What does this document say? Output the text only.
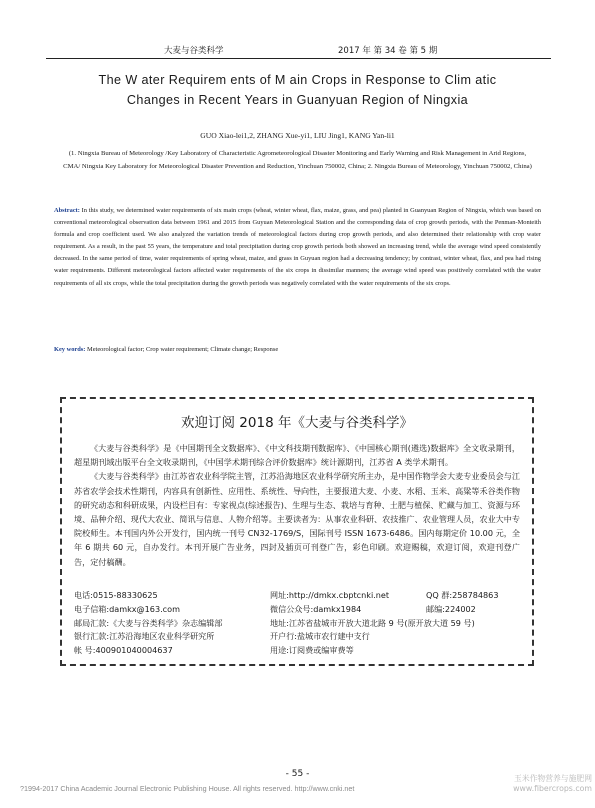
大麦与谷类科学	2017 年 第 34 卷 第 5 期
The W ater Requirem ents of M ain Crops in Response to Clim atic
Changes in Recent Years in Guanyuan Region of Ningxia
GUO Xiao-lei1,2, ZHANG Xue-yi1, LIU Jing1, KANG Yan-li1
(1. Ningxia Bureau of Meteorology /Key Laboratory of Characteristic Agrometeorological Disaster Monitoring and Early Warning and Risk Management in Arid Regions, CMA/ Ningxia Key Laboratory for Meteorological Disaster Prevention and Reduction, Yinchuan 750002, China; 2. Ningxia Bureau of Meteorology, Yinchuan 750002, China)
Abstract: In this study, we determined water requirements of six main crops (wheat, winter wheat, flax, maize, grass, and pea) planted in Guanyuan Region of Ningxia, which was based on conventional meteorological observation data between 1961 and 2015 from Guyuan Meteorological Station and the corresponding data of crop growth periods, with the Penman-Monteith formula and crop coefficient used. We also analyzed the variation trends of meteorological factors during crop growth periods, and also determined their relationship with crop water requirement. As a result, in the past 55 years, the temperature and total precipitation during crop growth periods both showed an increasing trend, while the average wind speed consistently decreased. In the same period of time, water requirements of spring wheat, maize, and grass in Guyuan region had a decreasing tendency; by contrast, winter wheat, flax, and pea had rising water requirements. Different meteorological factors affected water requirements of the six crops in dissimilar manners; the average wind speed was positively correlated with the water requirements of all six crops, while the total precipitation during the growth periods was negatively correlated with the water requirements of the six crops.
Key words: Meteorological factor; Crop water requirement; Climate change; Response
欢迎订阅 2018 年《大麦与谷类科学》

《大麦与谷类科学》是《中国期刊全文数据库》、《中文科技期刊数据库》、《中国核心期刊(遴选)数据库》全文收录期刊，超星期刊域出版平台全文收录期刊，《中国学术期刊综合评价数据库》统计源期刊，江苏省 A 类学术期刊。

《大麦与谷类科学》由江苏省农业科学院主管，江苏沿海地区农业科学研究所主办，是中国作物学会大麦专业委员会与江苏省农学会技术性期刊，内容具有创新性、应用性、系统性、导向性，主要报道大麦、小麦、水稻、玉米、高粱等禾谷类作物的研究动态和科研成果，内设栏目有：专家视点(综述报告)、生理与生态、栽培与育种、土肥与植保、贮藏与加工、资源与环境、品种介绍、现代大农业、简讯与信息、人物介绍等。主要读者为：从事农业科研、农技推广、农业管理人员，农业大中专院校师生。本刊国内外公开发行，国内统一刊号 CN32-1769/S，国际刊号 ISSN 1673-6486。国内每期定价 10.00 元，全年 6 期共 60 元，自办发行。本刊开展广告业务，四封及插页可刊登广告，彩色印刷。欢迎赐稿，欢迎订阅，欢迎刊登广告，定付稿酬。

电话:0515-88330625	网址:http://dmkx.cbptcnki.net	QQ 群:258784863
电子信箱:damkx@163.com	微信公众号:damkx1984	邮编:224002
邮局汇款:《大麦与谷类科学》杂志编辑部	地址:江苏省盐城市开放大道北路 9 号(原开放大道 59 号)
银行汇款:江苏沿海地区农业科学研究所	开户行:盐城市农行建中支行
帐 号:400901040004637	用途:订阅费或编审费等
- 55 -
?1994-2017 China Academic Journal Electronic Publishing House. All rights reserved. http://www.cnki.net
玉米作物营养与施肥网
www.fibercrops.com
